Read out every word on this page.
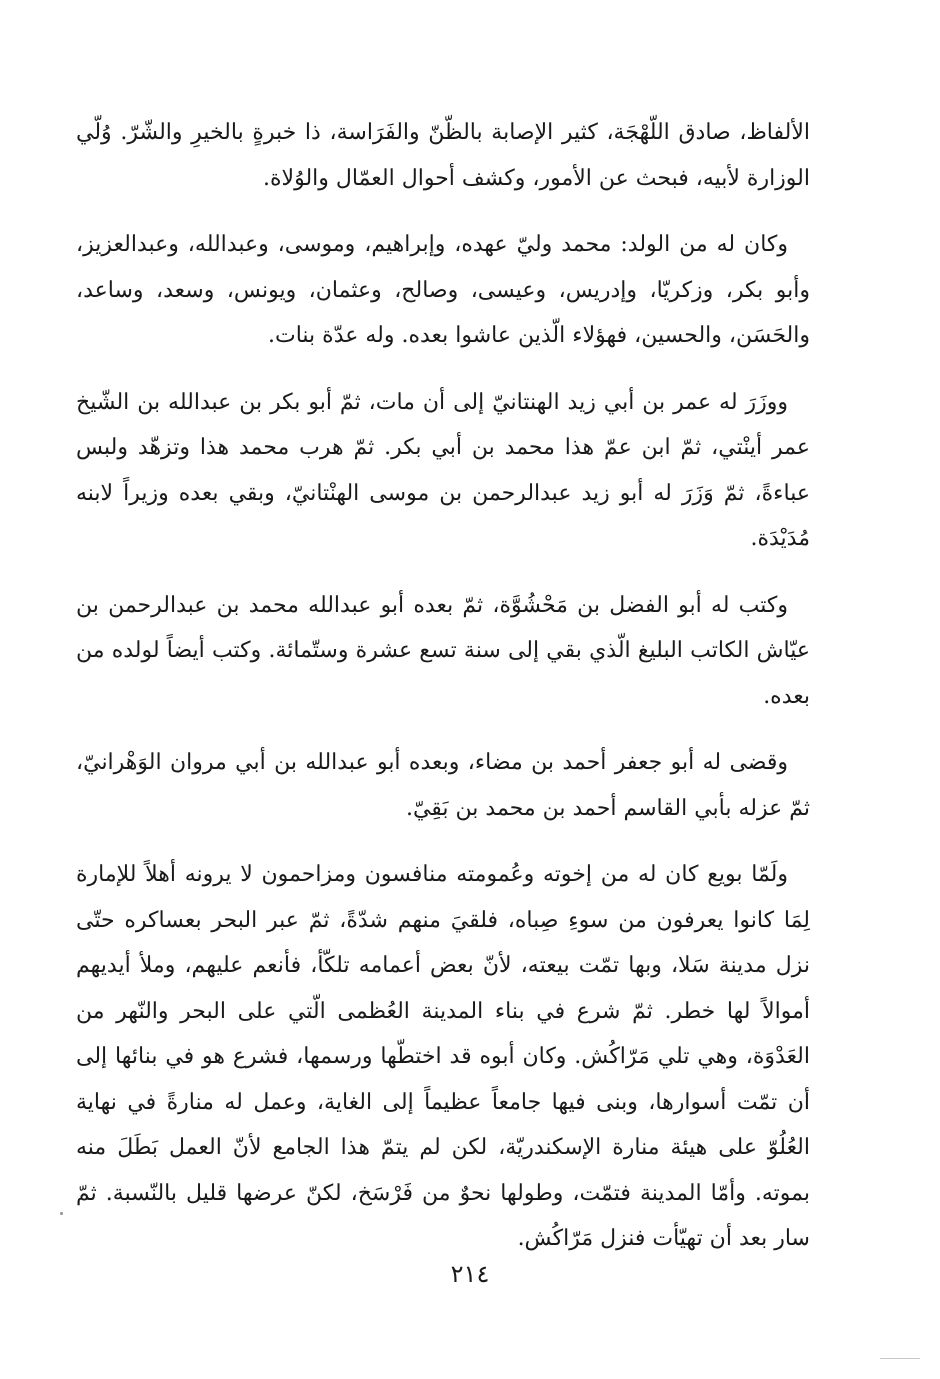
الألفاظ، صادق اللّهْجَة، كثير الإصابة بالظّنّ والفَرَاسة، ذا خبرةٍ بالخيرِ والشّرّ. وُلّي الوزارة لأبيه، فبحث عن الأمور، وكشف أحوال العمّال والوُلاة.

وكان له من الولد: محمد وليّ عهده، وإبراهيم، وموسى، وعبدالله، وعبدالعزيز، وأبو بكر، وزكريّا، وإدريس، وعيسى، وصالح، وعثمان، ويونس، وسعد، وساعد، والحَسَن، والحسين، فهؤلاء الّذين عاشوا بعده. وله عدّة بنات.

ووزَرَ له عمر بن أبي زيد الهنتانيّ إلى أن مات، ثمّ أبو بكر بن عبدالله بن الشّيخ عمر أينْتي، ثمّ ابن عمّ هذا محمد بن أبي بكر. ثمّ هرب محمد هذا وتزهّد ولبس عباءةً، ثمّ وَزَرَ له أبو زيد عبدالرحمن بن موسى الهنْتانيّ، وبقي بعده وزيراً لابنه مُدَيْدَة.

وكتب له أبو الفضل بن مَحْشُوَّة، ثمّ بعده أبو عبدالله محمد بن عبدالرحمن بن عيّاش الكاتب البليغ الّذي بقي إلى سنة تسع عشرة وستّمائة. وكتب أيضاً لولده من بعده.

وقضى له أبو جعفر أحمد بن مضاء، وبعده أبو عبدالله بن أبي مروان الوَهْرانيّ، ثمّ عزله بأبي القاسم أحمد بن محمد بن بَقِيّ.

ولَمّا بويع كان له من إخوته وعُمومته منافسون ومزاحمون لا يرونه أهلاً للإمارة لِمَا كانوا يعرفون من سوءِ صِباه، فلقيَ منهم شدّةً، ثمّ عبر البحر بعساكره حتّى نزل مدينة سَلا، وبها تمّت بيعته، لأنّ بعض أعمامه تلكّأ، فأنعم عليهم، وملأ أيديهم أموالاً لها خطر. ثمّ شرع في بناء المدينة العُظمى الّتي على البحر والنّهر من العَدْوَة، وهي تلي مَرّاكُش. وكان أبوه قد اختطّها ورسمها، فشرع هو في بنائها إلى أن تمّت أسوارها، وبنى فيها جامعاً عظيماً إلى الغاية، وعمل له منارةً في نهاية العُلُوّ على هيئة منارة الإسكندريّة، لكن لم يتمّ هذا الجامع لأنّ العمل بَطَلَ منه بموته. وأمّا المدينة فتمّت، وطولها نحوٌ من فَرْسَخ، لكنّ عرضها قليل بالنّسبة. ثمّ سار بعد أن تهيّأت فنزل مَرّاكُش.

٢١٤
